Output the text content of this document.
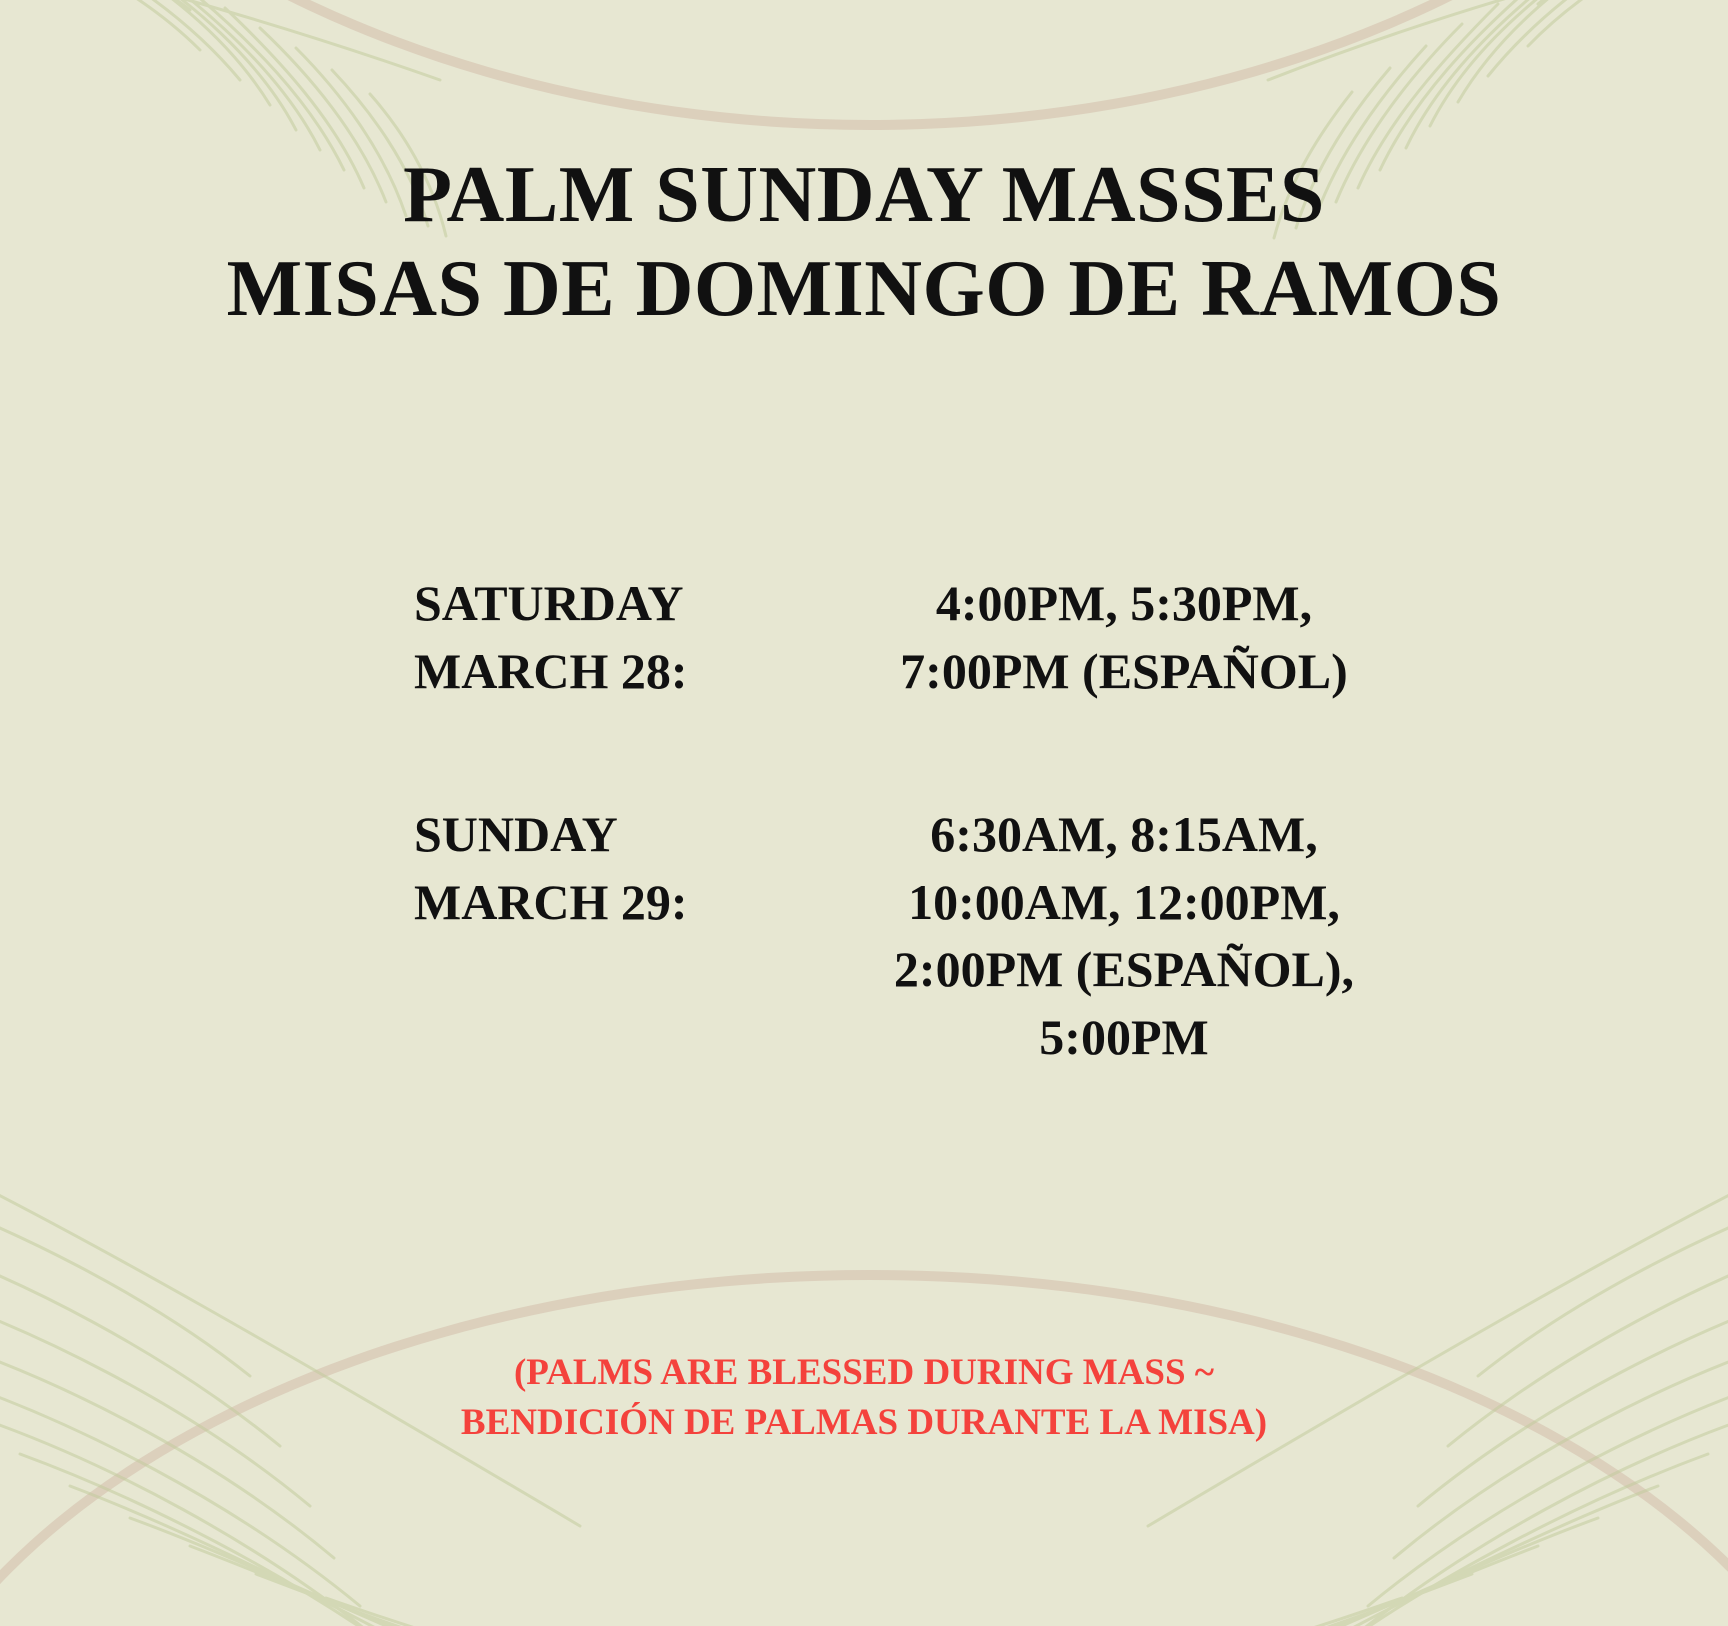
PALM SUNDAY MASSES
MISAS DE DOMINGO DE RAMOS
SATURDAY
MARCH 28:
4:00PM, 5:30PM,
7:00PM (ESPAÑOL)
SUNDAY
MARCH 29:
6:30AM, 8:15AM,
10:00AM, 12:00PM,
2:00PM (ESPAÑOL),
5:00PM
(PALMS ARE BLESSED DURING MASS ~
BENDICIÓN DE PALMAS DURANTE LA MISA)
